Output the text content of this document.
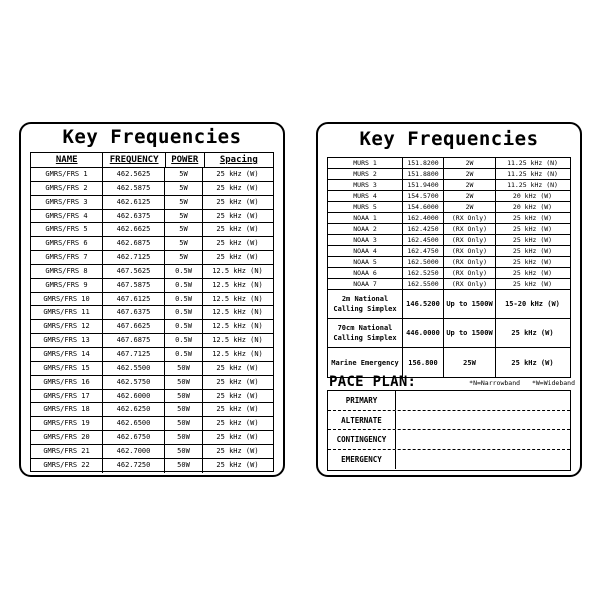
Key Frequencies
NAME	FREQUENCY	POWER	Spacing
GMRS/FRS 1	462.5625	5W	25 kHz (W)
GMRS/FRS 2	462.5875	5W	25 kHz (W)
GMRS/FRS 3	462.6125	5W	25 kHz (W)
GMRS/FRS 4	462.6375	5W	25 kHz (W)
GMRS/FRS 5	462.6625	5W	25 kHz (W)
GMRS/FRS 6	462.6875	5W	25 kHz (W)
GMRS/FRS 7	462.7125	5W	25 kHz (W)
GMRS/FRS 8	467.5625	0.5W	12.5 kHz (N)
GMRS/FRS 9	467.5875	0.5W	12.5 kHz (N)
GMRS/FRS 10	467.6125	0.5W	12.5 kHz (N)
GMRS/FRS 11	467.6375	0.5W	12.5 kHz (N)
GMRS/FRS 12	467.6625	0.5W	12.5 kHz (N)
GMRS/FRS 13	467.6875	0.5W	12.5 kHz (N)
GMRS/FRS 14	467.7125	0.5W	12.5 kHz (N)
GMRS/FRS 15	462.5500	50W	25 kHz (W)
GMRS/FRS 16	462.5750	50W	25 kHz (W)
GMRS/FRS 17	462.6000	50W	25 kHz (W)
GMRS/FRS 18	462.6250	50W	25 kHz (W)
GMRS/FRS 19	462.6500	50W	25 kHz (W)
GMRS/FRS 20	462.6750	50W	25 kHz (W)
GMRS/FRS 21	462.7000	50W	25 kHz (W)
GMRS/FRS 22	462.7250	50W	25 kHz (W)
Key Frequencies
MURS 1	151.8200	2W	11.25 kHz (N)
MURS 2	151.8800	2W	11.25 kHz (N)
MURS 3	151.9400	2W	11.25 kHz (N)
MURS 4	154.5700	2W	20 kHz (W)
MURS 5	154.6000	2W	20 kHz (W)
NOAA 1	162.4000	(RX Only)	25 kHz (W)
NOAA 2	162.4250	(RX Only)	25 kHz (W)
NOAA 3	162.4500	(RX Only)	25 kHz (W)
NOAA 4	162.4750	(RX Only)	25 kHz (W)
NOAA 5	162.5000	(RX Only)	25 kHz (W)
NOAA 6	162.5250	(RX Only)	25 kHz (W)
NOAA 7	162.5500	(RX Only)	25 kHz (W)
2m National
Calling Simplex
146.5200 Up to 1500W	15-20 kHz (W)
70cm National
Calling Simplex
446.0000 Up to 1500W	25 kHz (W)
Marine Emergency	156.800	25W	25 kHz (W)
PACE PLAN:	*N=Narrowband *W=Wideband
PRIMARY
ALTERNATE
CONTINGENCY
EMERGENCY
